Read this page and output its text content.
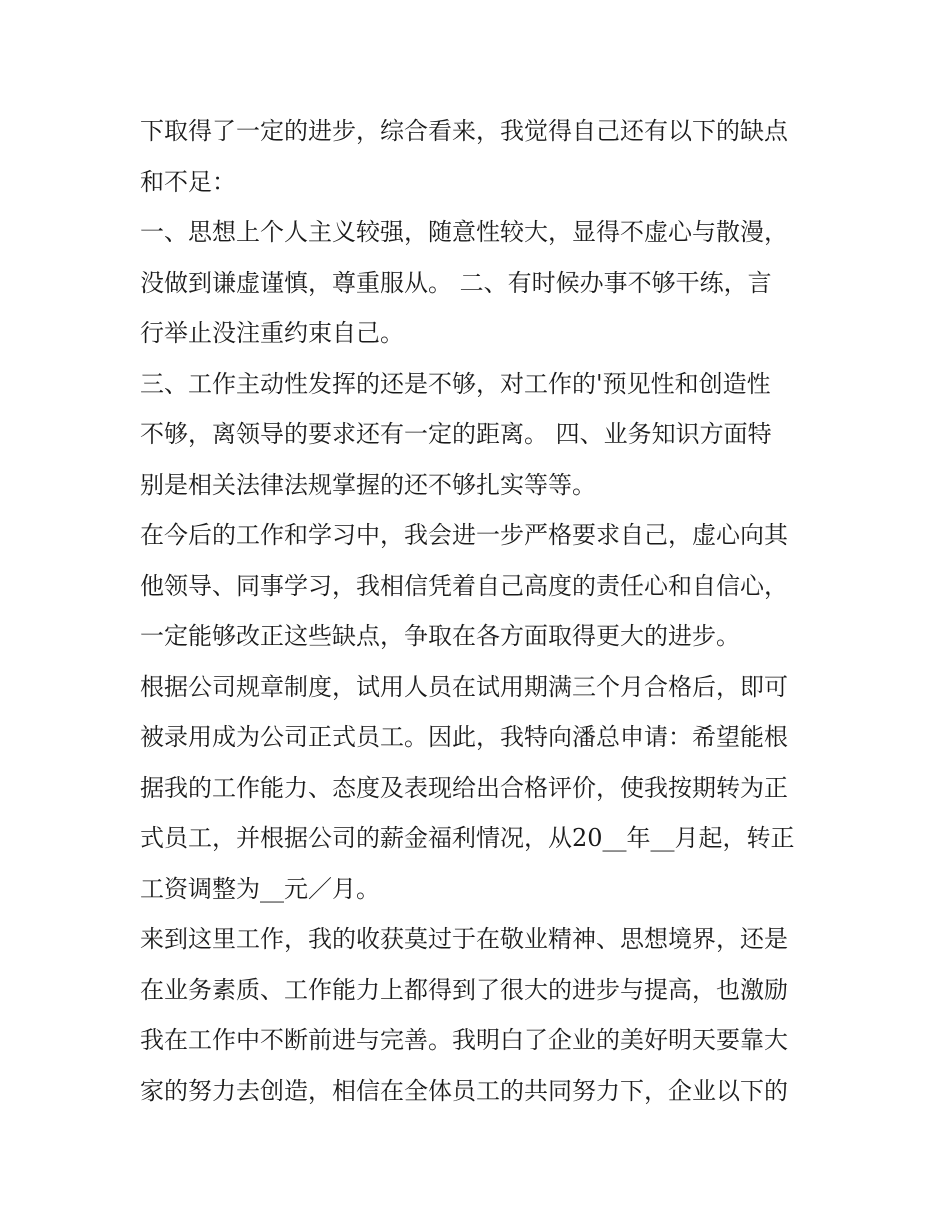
下取得了一定的进步，综合看来，我觉得自己还有以下的缺点
和不足：
一、思想上个人主义较强，随意性较大，显得不虚心与散漫，
没做到谦虚谨慎，尊重服从。 二、有时候办事不够干练，言
行举止没注重约束自己。
三、工作主动性发挥的还是不够，对工作的'预见性和创造性
不够，离领导的要求还有一定的距离。 四、业务知识方面特
别是相关法律法规掌握的还不够扎实等等。
在今后的工作和学习中，我会进一步严格要求自己，虚心向其
他领导、同事学习，我相信凭着自己高度的责任心和自信心，
一定能够改正这些缺点，争取在各方面取得更大的进步。
根据公司规章制度，试用人员在试用期满三个月合格后，即可
被录用成为公司正式员工。因此，我特向潘总申请：希望能根
据我的工作能力、态度及表现给出合格评价，使我按期转为正
式员工，并根据公司的薪金福利情况，从20__年__月起，转正
工资调整为__元／月。
来到这里工作，我的收获莫过于在敬业精神、思想境界，还是
在业务素质、工作能力上都得到了很大的进步与提高，也激励
我在工作中不断前进与完善。我明白了企业的美好明天要靠大
家的努力去创造，相信在全体员工的共同努力下，企业以下的
